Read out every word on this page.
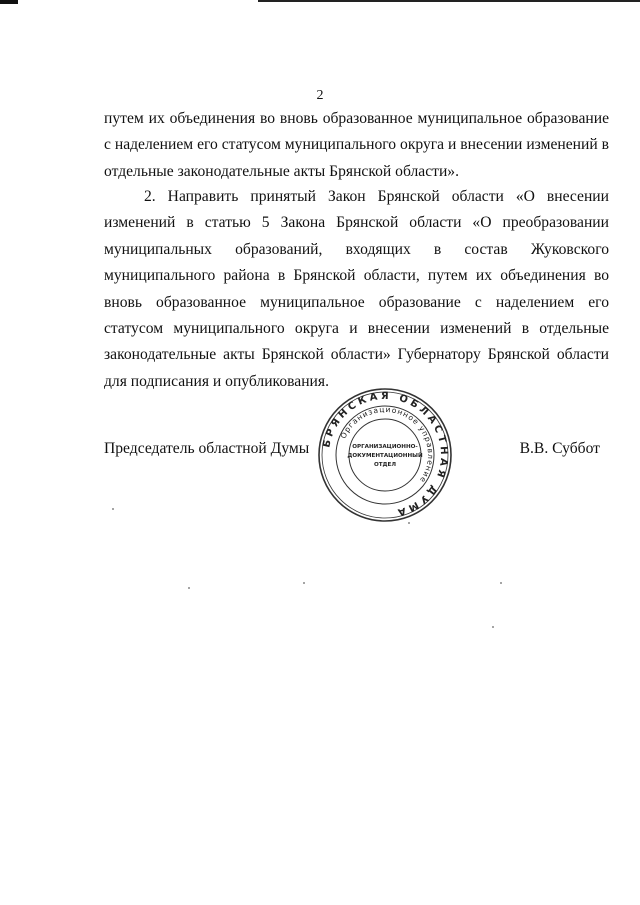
2

путем их объединения во вновь образованное муниципальное образование с наделением его статусом муниципального округа и внесении изменений в отдельные законодательные акты Брянской области».

2. Направить принятый Закон Брянской области «О внесении изменений в статью 5 Закона Брянской области «О преобразовании муниципальных образований, входящих в состав Жуковского муниципального района в Брянской области, путем их объединения во вновь образованное муниципальное образование с наделением его статусом муниципального округа и внесении изменений в отдельные законодательные акты Брянской области» Губернатору Брянской области для подписания и опубликования.

Председатель областной Думы БРЯНСКАЯ ОБЛАСТНАЯ ДУМА
Организационное управление
ОРГАНИЗАЦИОННО-
ДОКУМЕНТАЦИОННЫЙ
ОТДЕЛ
В.В. Суббот
